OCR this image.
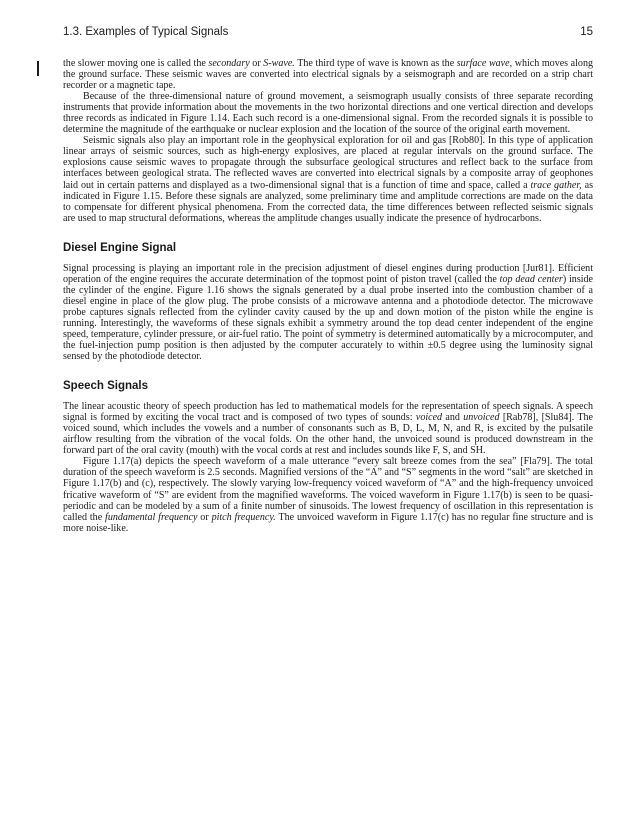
1.3. Examples of Typical Signals	15

the slower moving one is called the secondary or S-wave. The third type of wave is known as the surface wave, which moves along the ground surface. These seismic waves are converted into electrical signals by a seismograph and are recorded on a strip chart recorder or a magnetic tape.

Because of the three-dimensional nature of ground movement, a seismograph usually consists of three separate recording instruments that provide information about the movements in the two horizontal directions and one vertical direction and develops three records as indicated in Figure 1.14. Each such record is a one-dimensional signal. From the recorded signals it is possible to determine the magnitude of the earthquake or nuclear explosion and the location of the source of the original earth movement.

Seismic signals also play an important role in the geophysical exploration for oil and gas [Rob80]. In this type of application linear arrays of seismic sources, such as high-energy explosives, are placed at regular intervals on the ground surface. The explosions cause seismic waves to propagate through the subsurface geological structures and reflect back to the surface from interfaces between geological strata. The reflected waves are converted into electrical signals by a composite array of geophones laid out in certain patterns and displayed as a two-dimensional signal that is a function of time and space, called a trace gather, as indicated in Figure 1.15. Before these signals are analyzed, some preliminary time and amplitude corrections are made on the data to compensate for different physical phenomena. From the corrected data, the time differences between reflected seismic signals are used to map structural deformations, whereas the amplitude changes usually indicate the presence of hydrocarbons.

Diesel Engine Signal

Signal processing is playing an important role in the precision adjustment of diesel engines during production [Jur81]. Efficient operation of the engine requires the accurate determination of the topmost point of piston travel (called the top dead center) inside the cylinder of the engine. Figure 1.16 shows the signals generated by a dual probe inserted into the combustion chamber of a diesel engine in place of the glow plug. The probe consists of a microwave antenna and a photodiode detector. The microwave probe captures signals reflected from the cylinder cavity caused by the up and down motion of the piston while the engine is running. Interestingly, the waveforms of these signals exhibit a symmetry around the top dead center independent of the engine speed, temperature, cylinder pressure, or air-fuel ratio. The point of symmetry is determined automatically by a microcomputer, and the fuel-injection pump position is then adjusted by the computer accurately to within ±0.5 degree using the luminosity signal sensed by the photodiode detector.

Speech Signals

The linear acoustic theory of speech production has led to mathematical models for the representation of speech signals. A speech signal is formed by exciting the vocal tract and is composed of two types of sounds: voiced and unvoiced [Rab78], [Slu84]. The voiced sound, which includes the vowels and a number of consonants such as B, D, L, M, N, and R, is excited by the pulsatile airflow resulting from the vibration of the vocal folds. On the other hand, the unvoiced sound is produced downstream in the forward part of the oral cavity (mouth) with the vocal cords at rest and includes sounds like F, S, and SH.

Figure 1.17(a) depicts the speech waveform of a male utterance “every salt breeze comes from the sea” [Fla79]. The total duration of the speech waveform is 2.5 seconds. Magnified versions of the “A” and “S” segments in the word “salt” are sketched in Figure 1.17(b) and (c), respectively. The slowly varying low-frequency voiced waveform of “A” and the high-frequency unvoiced fricative waveform of “S” are evident from the magnified waveforms. The voiced waveform in Figure 1.17(b) is seen to be quasi-periodic and can be modeled by a sum of a finite number of sinusoids. The lowest frequency of oscillation in this representation is called the fundamental frequency or pitch frequency. The unvoiced waveform in Figure 1.17(c) has no regular fine structure and is more noise-like.
